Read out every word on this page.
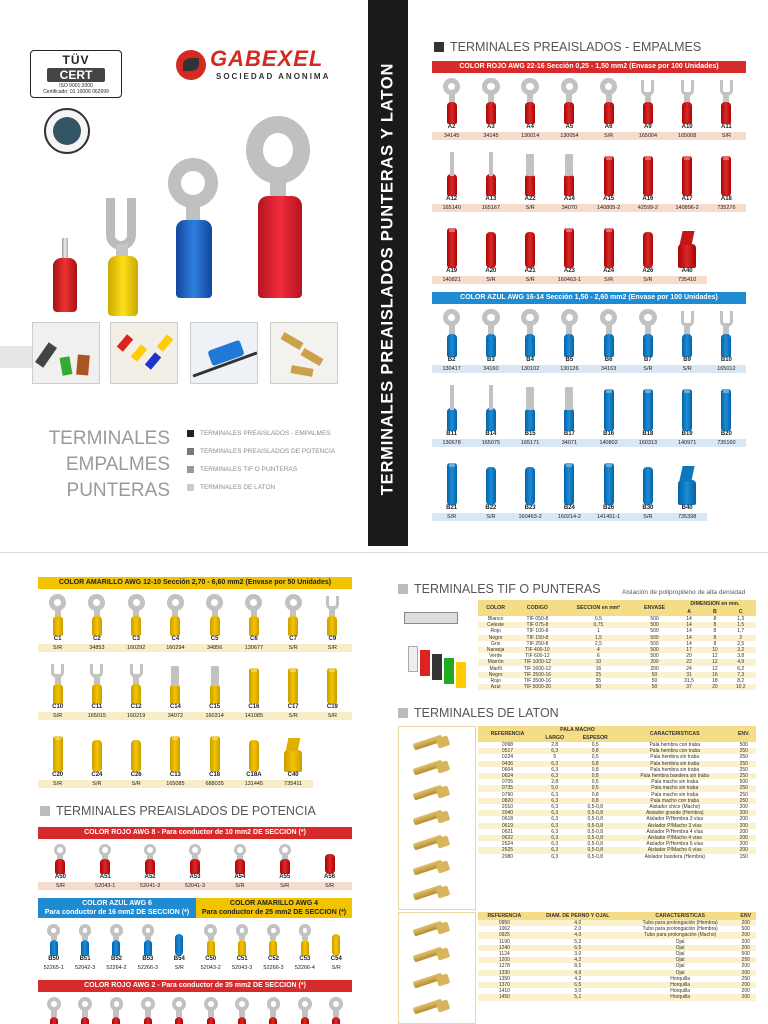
TÜV
CERT
ISO 9001:2000
Certificado: 01 10006 062699
GABEXEL
SOCIEDAD ANONIMA
TERMINALES
EMPALMES
PUNTERAS
TERMINALES PREAISLADOS - EMPALMES
TERMINALES PREAISLADOS DE POTENCIA
TERMINALES TIF O PUNTERAS
TERMINALES DE LATON	TERMINALES PREAISLADOS PUNTERAS Y LATON
TERMINALES PREAISLADOS - EMPALMES
COLOR ROJO AWG 22-16 Sección 0,25 - 1,50 mm2 (Envase por 100 Unidades)
A2
34145
A3
34145
A4
130014
A5
130054
A6
S/R
A9
165004
A10
165008
A11
S/R
A12
165140
A13
165167
A22
S/R
A14
34070
A15
140805-2
A16
42599-2
A17
140896-2
A18
735276
A19
140821
A20
S/R
A21
S/R
A23
160463-1
A24
S/R
A26
S/R
A40
735410
COLOR AZUL AWG 16-14 Sección 1,50 - 2,60 mm2 (Envase por 100 Unidades)
B2
130417
B3
34160
B4
130102
B5
130126
B6
34163
B7
S/R
B9
S/R
B10
165012
B11
130678
B14
165075
B15
165171
B17
34071
B16
140802
B18
160313
B19
140971
B20
735160
B21
S/R
B22
S/R
B23
160463-2
B24
160214-2
B26
141451-1
B30
S/R
B40
735398
COLOR AMARILLO AWG 12-10 Sección 2,70 - 6,60 mm2 (Envase por 50 Unidades)
C1
S/R
C2
34853
C3
160292
C4
160294
C5
34856
C6
130677
C7
S/R
C9
S/R
C10
S/R
C11
165015
C12
160219
C14
34072
C15
160314
C16
141085
C17
S/R
C19
S/R
C20
S/R
C24
S/R
C26
S/R
C13
165085
C18
688035
C18A
131445
C40
735411
TERMINALES PREAISLADOS DE POTENCIA
COLOR ROJO AWG 8 - Para conductor de 10 mm2 DE SECCION (*)
A50
S/R
A51
52043-1
A52
52041-3
A53
52041-3
A54
S/R
A55
S/R
A56
S/R
COLOR AZUL AWG 6
Para conductor de 16 mm2 DE SECCION (*)
COLOR AMARILLO AWG 4
Para conductor de 25 mm2 DE SECCION (*)
B50
52265-1
B51
52042-3
B52
52264-2
B53
52266-3
B54
S/R
C50
52043-2
C51
52043-3
C52
52266-3
C53
52266-4
C54
S/R
COLOR ROJO AWG 2 - Para conductor de 35 mm2 DE SECCION (*)
TERMINALES TIF O PUNTERAS	Aislación de polipropileno de alta densidad
COLOR	CODIGO	SECCION en mm²	ENVASE	DIMENSION en mm.		
				A	B	C
Blanco	TIF 050-8	0,5	500	14	8	1,3
Celeste	TIF 075-8	0,75	500	14	8	1,5
Rojo	TIF 100-8	1	500	14	8	1,7
Negro	TIF 150-8	1,5	500	14	8	2
Gris	TIF 250-8	2,5	500	14	8	2,5
Naranja	TIF 400-10	4	500	17	10	3,2
Verde	TIF 600-12	6	500	20	12	3,8
Marrón	TIF 1000-12	10	200	22	12	4,9
Marfil	TIF 1600-12	16	200	24	12	6,2
Negro	TIF 2500-16	25	50	31	16	7,3
Rojo	TIF 3500-16	35	50	31,5	18	8,2
Azul	TIF 5000-20	50	50	37	20	10,2
TERMINALES DE LATON
REFERENCIA	PALA MACHO		CARACTERISTICAS	ENV.
	LARGO	ESPESOR		
0098	2,8	0,5	Pala hembra con traba	500
0517	6,3	0,8	Pala hembra con traba	250
0224	5	0,5	Pala hembra sin traba	250
0436	6,3	0,8	Pala hembra sin traba	250
0604	6,3	0,8	Pala hembra sin traba	250
0624	6,3	0,8	Pala hembra bandera sin traba	250
0705	2,8	0,5	Pala macho sin traba	500
0735	5,0	0,5	Pala macho sin traba	250
0790	6,3	0,8	Pala macho sin traba	250
0820	6,3	0,8	Pala macho con traba	250
2010	6,3	0,5-0,8	Aislador chico (Macho)	200
2040	6,3	0,5-0,8	Aislador grande (Hembra)	200
0618	6,3	0,5-0,8	Aislador P/Hembra 3 vías	200
0619	6,3	0,5-0,8	Aislador P/Macho 3 vías	200
0621	6,3	0,5-0,8	Aislador P/Hembra 4 vías	200
0622	6,3	0,5-0,8	Aislador P/Macho 4 vías	200
2624	6,3	0,5-0,8	Aislador P/Hembra 6 vías	200
2625	6,3	0,5-0,8	Aislador P/Macho 6 vías	200
2080	6,3	0,5-0,8	Aislador bandera (Hembra)	150
REFERENCIA	DIAM. DE PERNO Y OJAL	CARACTERISTICAS	ENV
0950	4,0	Tubo para prolongación (Hembra)	200
1062	2,0	Tubo para prolongación (Hembra)	500
0925	4,0	Tubo para prolongación (Macho)	200
1190	5,2	Ojal	200
1240	6,5	Ojal	200
1124	3,0	Ojal	500
1200	4,2	Ojal	250
1278	8,5	Ojal	200
1330	4,9	Ojal	200
1350	4,2	Horquilla	250
1370	6,5	Horquilla	200
1410	3,0	Horquilla	200
1450	5,1	Horquilla	200
